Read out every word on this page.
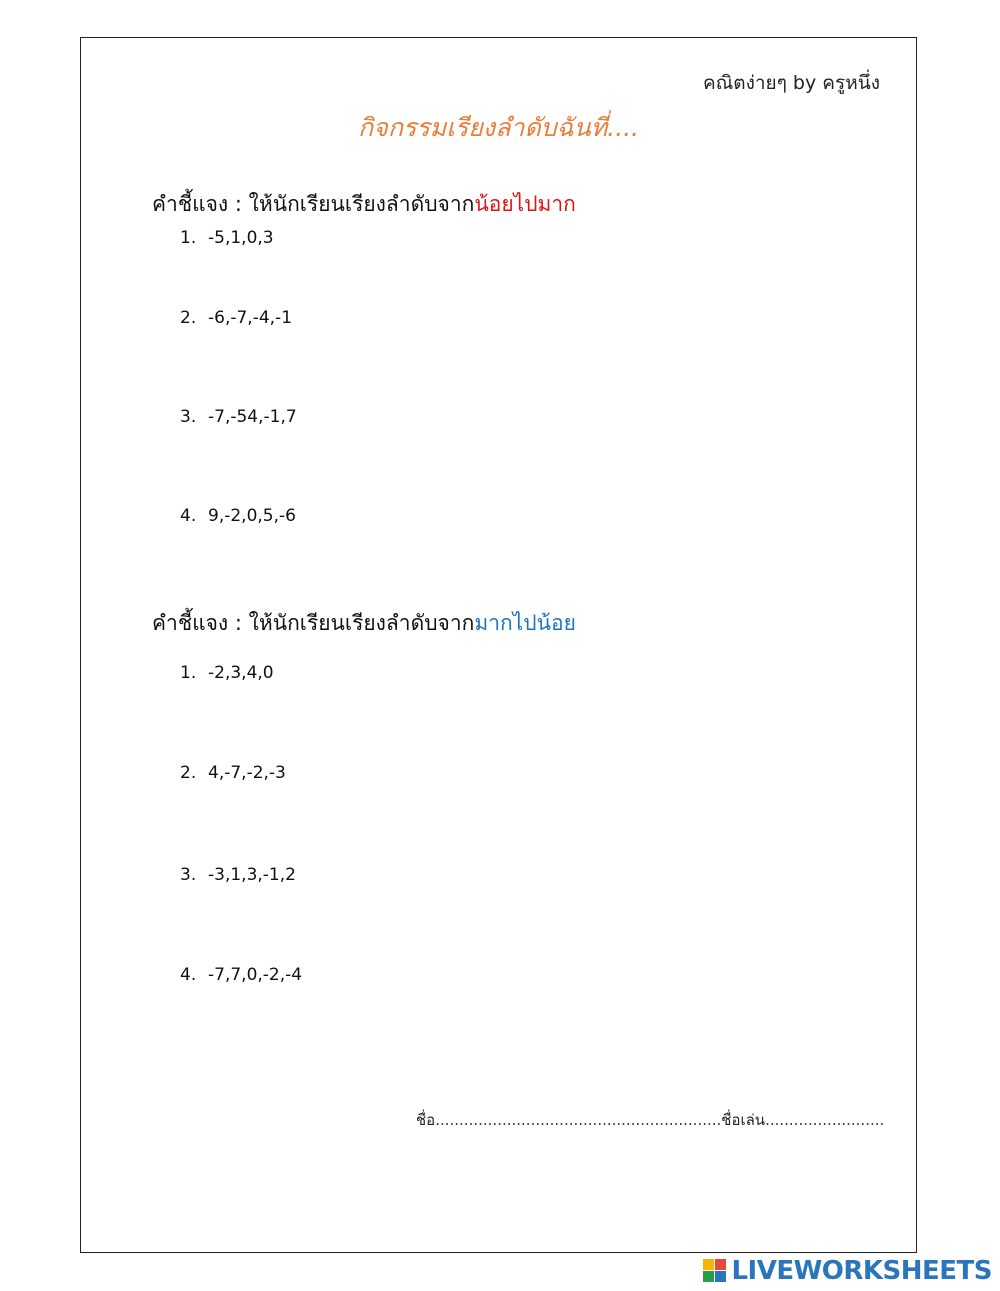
คณิตง่ายๆ by ครูหนึ่ง
กิจกรรมเรียงลำดับฉันที่....
คำชี้แจง : ให้นักเรียนเรียงลำดับจากน้อยไปมาก
1. -5,1,0,3
2. -6,-7,-4,-1
3. -7,-54,-1,7
4. 9,-2,0,5,-6
คำชี้แจง : ให้นักเรียนเรียงลำดับจากมากไปน้อย
1. -2,3,4,0
2. 4,-7,-2,-3
3. -3,1,3,-1,2
4. -7,7,0,-2,-4
ชื่อ............................................................ชื่อเล่น.........................
LIVEWORKSHEETS
